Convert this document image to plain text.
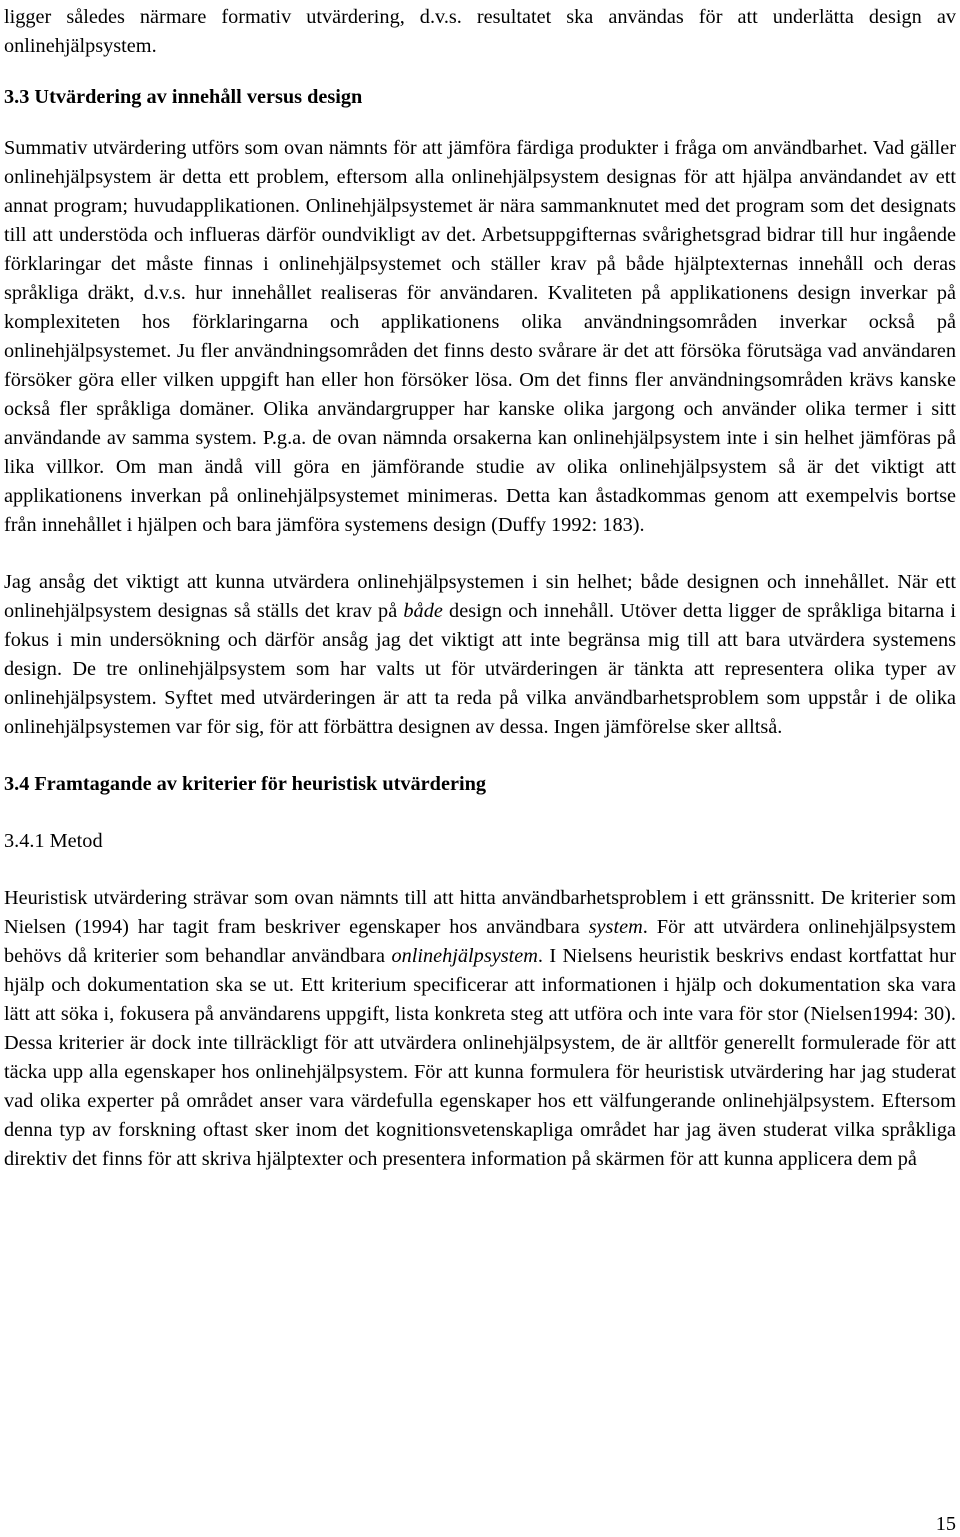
ligger således närmare formativ utvärdering, d.v.s. resultatet ska användas för att underlätta design av onlinehjälpsystem.

3.3 Utvärdering av innehåll versus design

Summativ utvärdering utförs som ovan nämnts för att jämföra färdiga produkter i fråga om användbarhet. Vad gäller onlinehjälpsystem är detta ett problem, eftersom alla onlinehjälpsystem designas för att hjälpa användandet av ett annat program; huvudapplikationen. Onlinehjälpsystemet är nära sammanknutet med det program som det designats till att understöda och influeras därför oundvikligt av det. Arbetsuppgifternas svårighetsgrad bidrar till hur ingående förklaringar det måste finnas i onlinehjälpsystemet och ställer krav på både hjälptexternas innehåll och deras språkliga dräkt, d.v.s. hur innehållet realiseras för användaren. Kvaliteten på applikationens design inverkar på komplexiteten hos förklaringarna och applikationens olika användningsområden inverkar också på onlinehjälpsystemet. Ju fler användningsområden det finns desto svårare är det att försöka förutsäga vad användaren försöker göra eller vilken uppgift han eller hon försöker lösa. Om det finns fler användningsområden krävs kanske också fler språkliga domäner. Olika användargrupper har kanske olika jargong och använder olika termer i sitt användande av samma system. P.g.a. de ovan nämnda orsakerna kan onlinehjälpsystem inte i sin helhet jämföras på lika villkor. Om man ändå vill göra en jämförande studie av olika onlinehjälpsystem så är det viktigt att applikationens inverkan på onlinehjälpsystemet minimeras. Detta kan åstadkommas genom att exempelvis bortse från innehållet i hjälpen och bara jämföra systemens design (Duffy 1992: 183).

Jag ansåg det viktigt att kunna utvärdera onlinehjälpsystemen i sin helhet; både designen och innehållet. När ett onlinehjälpsystem designas så ställs det krav på både design och innehåll. Utöver detta ligger de språkliga bitarna i fokus i min undersökning och därför ansåg jag det viktigt att inte begränsa mig till att bara utvärdera systemens design. De tre onlinehjälpsystem som har valts ut för utvärderingen är tänkta att representera olika typer av onlinehjälpsystem. Syftet med utvärderingen är att ta reda på vilka användbarhetsproblem som uppstår i de olika onlinehjälpsystemen var för sig, för att förbättra designen av dessa. Ingen jämförelse sker alltså.

3.4 Framtagande av kriterier för heuristisk utvärdering
3.4.1 Metod

Heuristisk utvärdering strävar som ovan nämnts till att hitta användbarhetsproblem i ett gränssnitt. De kriterier som Nielsen (1994) har tagit fram beskriver egenskaper hos användbara system. För att utvärdera onlinehjälpsystem behövs då kriterier som behandlar användbara onlinehjälpsystem. I Nielsens heuristik beskrivs endast kortfattat hur hjälp och dokumentation ska se ut. Ett kriterium specificerar att informationen i hjälp och dokumentation ska vara lätt att söka i, fokusera på användarens uppgift, lista konkreta steg att utföra och inte vara för stor (Nielsen1994: 30). Dessa kriterier är dock inte tillräckligt för att utvärdera onlinehjälpsystem, de är alltför generellt formulerade för att täcka upp alla egenskaper hos onlinehjälpsystem. För att kunna formulera för heuristisk utvärdering har jag studerat vad olika experter på området anser vara värdefulla egenskaper hos ett välfungerande onlinehjälpsystem. Eftersom denna typ av forskning oftast sker inom det kognitionsvetenskapliga området har jag även studerat vilka språkliga direktiv det finns för att skriva hjälptexter och presentera information på skärmen för att kunna applicera dem på

15
